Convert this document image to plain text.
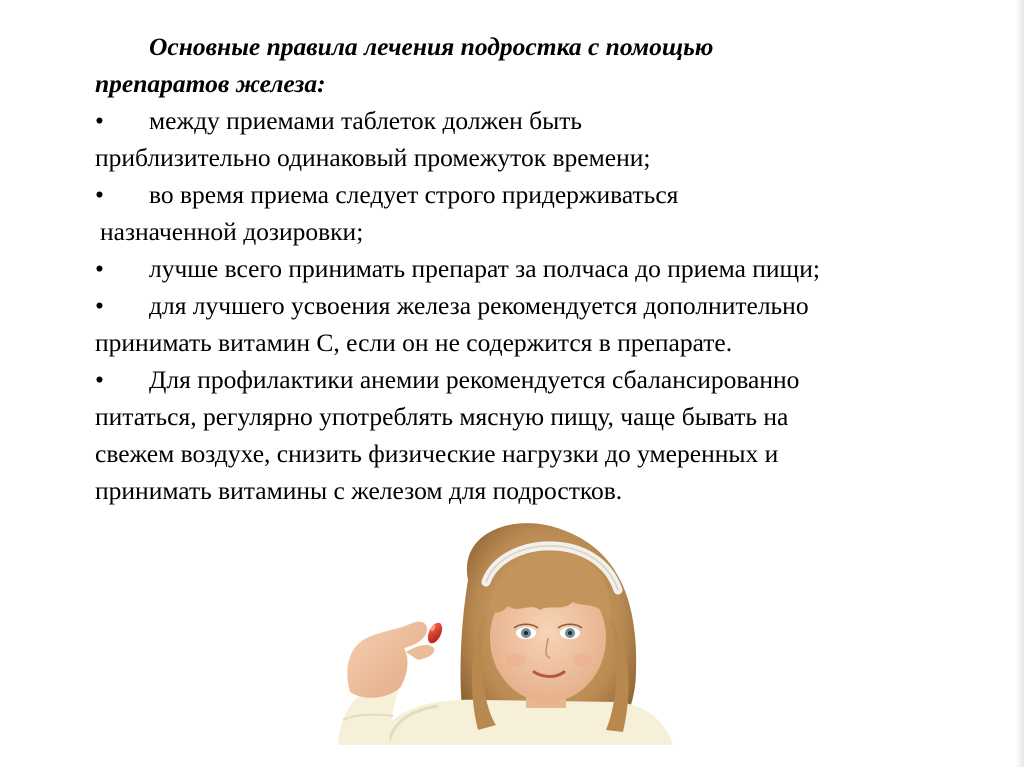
Основные правила лечения подростка с помощью
препаратов железа:
• между приемами таблеток должен быть
приблизительно одинаковый промежуток времени;
• во время приема следует строго придерживаться
назначенной дозировки;
• лучше всего принимать препарат за полчаса до приема пищи;
• для лучшего усвоения железа рекомендуется дополнительно
принимать витамин С, если он не содержится в препарате.
• Для профилактики анемии рекомендуется сбалансированно
питаться, регулярно употреблять мясную пищу, чаще бывать на
свежем воздухе, снизить физические нагрузки до умеренных и
принимать витамины с железом для подростков.
